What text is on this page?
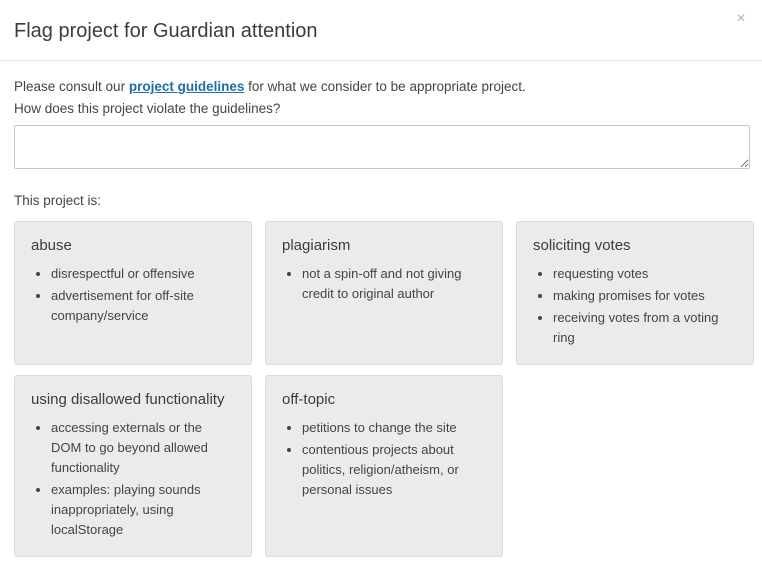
Flag project for Guardian attention
×

Please consult our project guidelines for what we consider to be appropriate project.

How does this project violate the guidelines?

This project is:

abuse
• disrespectful or offensive
• advertisement for off-site company/service
plagiarism
• not a spin-off and not giving credit to original author
soliciting votes
• requesting votes
• making promises for votes
• receiving votes from a voting ring
using disallowed functionality
• accessing externals or the DOM to go beyond allowed functionality
• examples: playing sounds inappropriately, using localStorage
off-topic
• petitions to change the site
• contentious projects about politics, religion/atheism, or personal issues
